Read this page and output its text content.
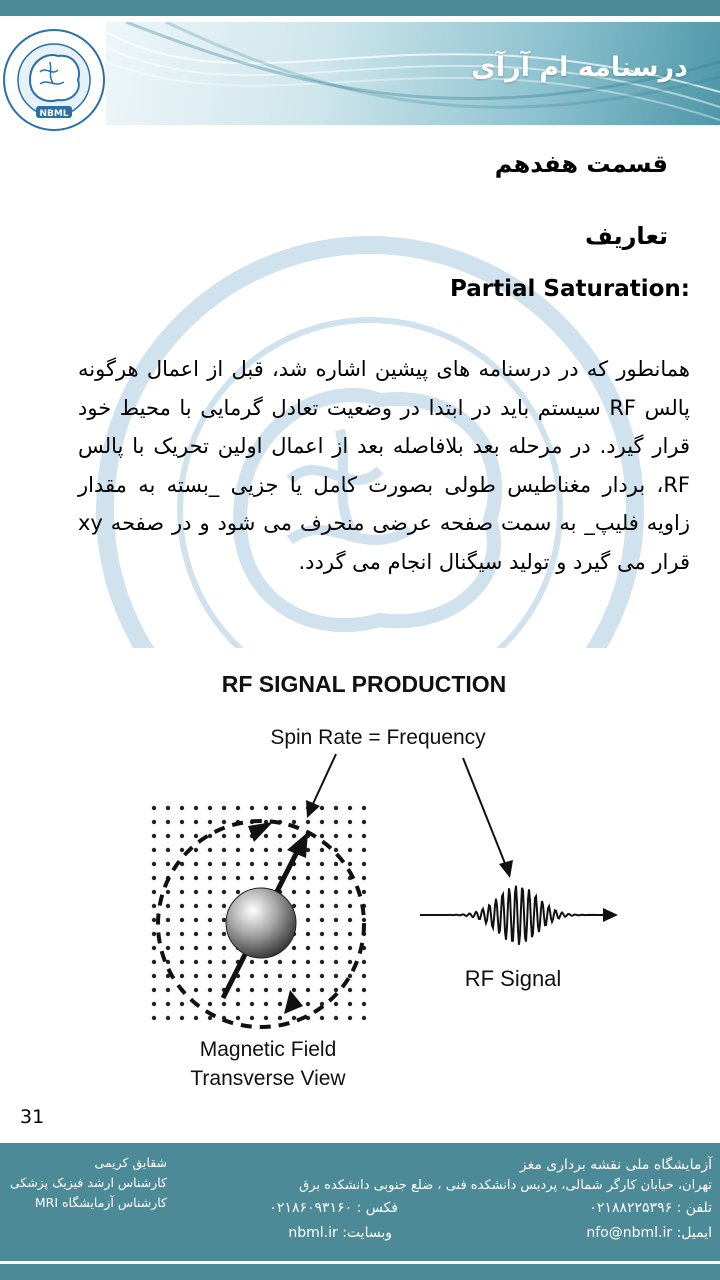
درسنامه ام آرآی
NBML
قسمت هفدهم
تعاریف
Partial Saturation:
همانطور که در درسنامه های پیشین اشاره شد، قبل از اعمال هرگونه پالس RF سیستم باید در ابتدا در وضعیت تعادل گرمایی با محیط خود قرار گیرد. در مرحله بعد بلافاصله بعد از اعمال اولین تحریک با پالس RF، بردار مغناطیس طولی بصورت کامل یا جزیی _بسته به مقدار زاویه فلیپ_ به سمت صفحه عرضی منحرف می شود و در صفحه xy قرار می گیرد و تولید سیگنال انجام می گردد.
RF SIGNAL PRODUCTION
Spin Rate = Frequency
RF Signal
Magnetic Field
Transverse View
31
آزمایشگاه ملی نقشه برداری مغز
تهران، خیابان کارگر شمالی، پردیس دانشکده فنی ، ضلع جنوبی دانشکده برق
تلفن : ۰۲۱۸۸۲۲۵۳۹۶
فکس : ۰۲۱۸۶۰۹۳۱۶۰
ایمیل: nfo@nbml.ir
وبسایت: nbml.ir
شقایق کریمی
کارشناس ارشد فیزیک پزشکی
کارشناس آزمایشگاه MRI
